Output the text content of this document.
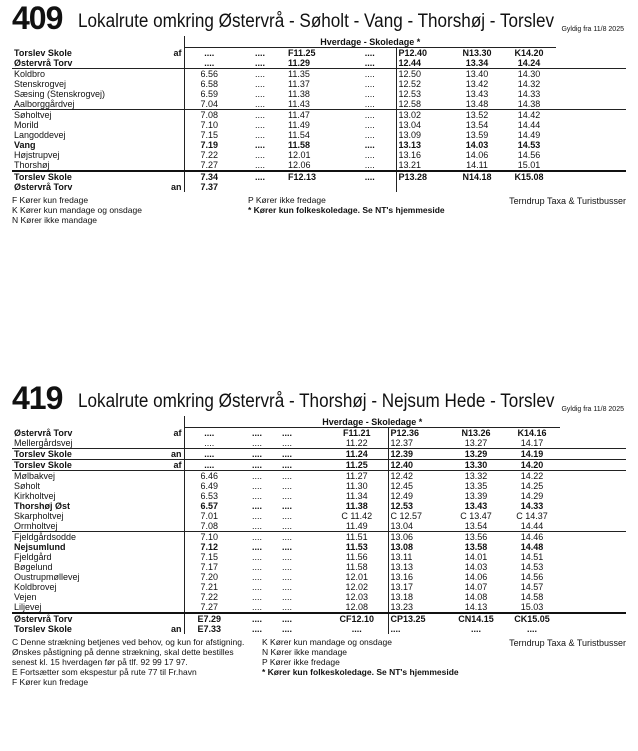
409 Lokalrute omkring Østervrå - Søholt - Vang - Thorshøj - Torslev Gyldig fra 11/8 2025
		Hverdage - Skoledage *							
Torslev Skole	af	....	....	F11.25	....	P12.40	N13.30	K14.20	
Østervrå Torv		....	....	11.29	....	12.44	13.34	14.24	
Koldbro		6.56	....	11.35	....	12.50	13.40	14.30	
Stenskrogvej		6.58	....	11.37	....	12.52	13.42	14.32	
Sæsing (Stenskrogvej)		6.59	....	11.38	....	12.53	13.43	14.33	
Aalborggårdvej		7.04	....	11.43	....	12.58	13.48	14.38	
Søholtvej		7.08	....	11.47	....	13.02	13.52	14.42	
Morild		7.10	....	11.49	....	13.04	13.54	14.44	
Langoddevej		7.15	....	11.54	....	13.09	13.59	14.49	
Vang		7.19	....	11.58	....	13.13	14.03	14.53	
Højstrupvej		7.22	....	12.01	....	13.16	14.06	14.56	
Thorshøj		7.27	....	12.06	....	13.21	14.11	15.01	
Torslev Skole		7.34	....	F12.13	....	P13.28	N14.18	K15.08	
Østervrå Torv	an	7.37							
F Kører kun fredage
K Kører kun mandage og onsdage
N Kører ikke mandage
P Kører ikke fredage
* Kører kun folkeskoledage. Se NT's hjemmeside
Terndrup Taxa & Turistbusser
419 Lokalrute omkring Østervrå - Thorshøj - Nejsum Hede - Torslev Gyldig fra 11/8 2025
		Hverdage - Skoledage *							
Østervrå Torv	af	....	....	....	F11.21	P12.36	N13.26	K14.16	
Mellergårdsvej		....	....	....	11.22	12.37	13.27	14.17	
Torslev Skole	an	....	....	....	11.24	12.39	13.29	14.19	
Torslev Skole	af	....	....	....	11.25	12.40	13.30	14.20	
Mølbakvej		6.46	....	....	11.27	12.42	13.32	14.22	
Søholt		6.49	....	....	11.30	12.45	13.35	14.25	
Kirkholtvej		6.53	....	....	11.34	12.49	13.39	14.29	
Thorshøj Øst		6.57	....	....	11.38	12.53	13.43	14.33	
Skarpholtvej		7.01	....	....	C 11.42	C 12.57	C 13.47	C 14.37	
Ormholtvej		7.08	....	....	11.49	13.04	13.54	14.44	
Fjeldgårdsodde		7.10	....	....	11.51	13.06	13.56	14.46	
Nejsumlund		7.12	....	....	11.53	13.08	13.58	14.48	
Fjeldgård		7.15	....	....	11.56	13.11	14.01	14.51	
Bøgelund		7.17	....	....	11.58	13.13	14.03	14.53	
Oustrupmøllevej		7.20	....	....	12.01	13.16	14.06	14.56	
Koldbrovej		7.21	....	....	12.02	13.17	14.07	14.57	
Vejen		7.22	....	....	12.03	13.18	14.08	14.58	
Liljevej		7.27	....	....	12.08	13.23	14.13	15.03	
Østervrå Torv		E7.29	....	....	CF12.10	CP13.25	CN14.15	CK15.05	
Torslev Skole	an	E7.33	....	....	....	....	....	....	
C Denne strækning betjenes ved behov, og kun for afstigning. Ønskes påstigning på denne strækning, skal dette bestilles senest kl. 15 hverdagen før på tlf. 92 99 17 97.
E Fortsætter som ekspestur på rute 77 til Fr.havn
F Kører kun fredage
K Kører kun mandage og onsdage
N Kører ikke mandage
P Kører ikke fredage
* Kører kun folkeskoledage. Se NT's hjemmeside
Terndrup Taxa & Turistbusser
